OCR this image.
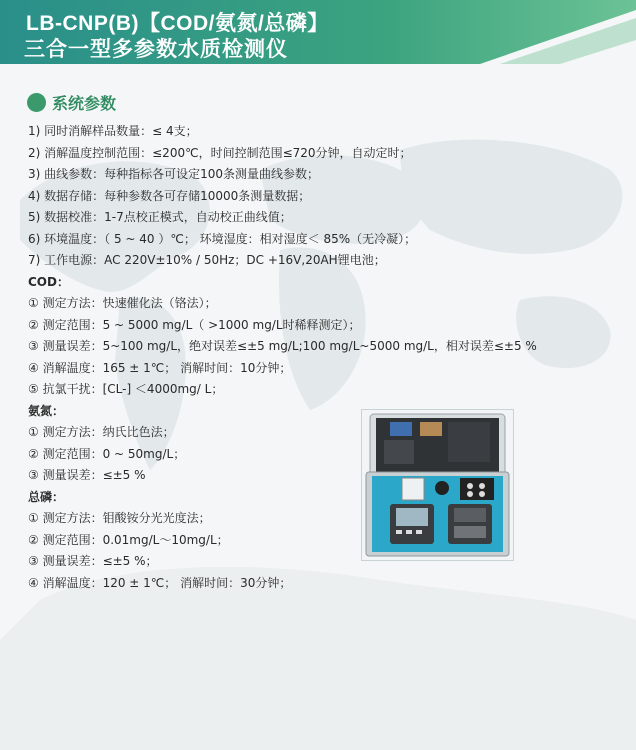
LB-CNP(B)【COD/氨氮/总磷】
三合一型多参数水质检测仪
系统参数
1) 同时消解样品数量：≤ 4支；
2) 消解温度控制范围：≤200℃，时间控制范围≤720分钟，自动定时；
3) 曲线参数：每种指标各可设定100条测量曲线参数；
4) 数据存储：每种参数各可存储10000条测量数据；
5) 数据校准：1-7点校正模式，自动校正曲线值；
6) 环境温度：（ 5 ~ 40 ）℃； 环境湿度：相对湿度＜ 85%（无冷凝）；
7) 工作电源：AC 220V±10% / 50Hz；DC +16V,20AH锂电池；
COD：
① 测定方法：快速催化法（铬法）；
② 测定范围：5 ~ 5000 mg/L（ >1000 mg/L时稀释测定）；
③ 测量误差：5~100 mg/L，绝对误差≤±5 mg/L;100 mg/L~5000 mg/L，相对误差≤±5 %
④ 消解温度：165 ± 1℃； 消解时间：10分钟；
⑤ 抗氯干扰：[CL-] ＜4000mg/ L；
氨氮：
① 测定方法：纳氏比色法；
② 测定范围：0 ~ 50mg/L；
③ 测量误差：≤±5 %
总磷：
① 测定方法：钼酸铵分光光度法；
② 测定范围：0.01mg/L～10mg/L；
③ 测量误差：≤±5 %；
④ 消解温度：120 ± 1℃； 消解时间：30分钟；
